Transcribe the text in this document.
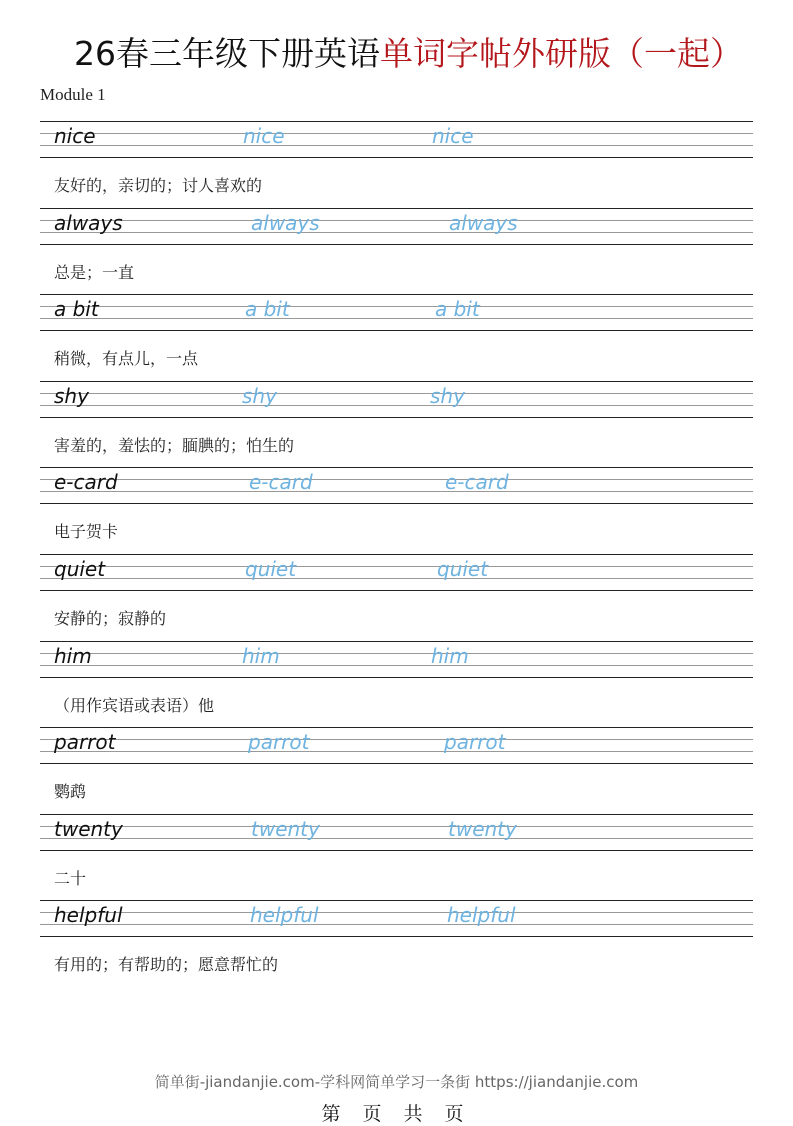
26春三年级下册英语单词字帖外研版（一起）
Module 1
nice	nice	nice
友好的，亲切的；讨人喜欢的
always	always	always
总是；一直
a bit	a bit	a bit
稍微，有点儿，一点
shy	shy	shy
害羞的，羞怯的；腼腆的；怕生的
e-card	e-card	e-card
电子贺卡
quiet	quiet	quiet
安静的；寂静的
him	him	him
（用作宾语或表语）他
parrot	parrot	parrot
鹦鹉
twenty	twenty	twenty
二十
helpful	helpful	helpful
有用的；有帮助的；愿意帮忙的
简单街-jiandanjie.com-学科网简单学习一条街 https://jiandanjie.com
第 页 共 页
